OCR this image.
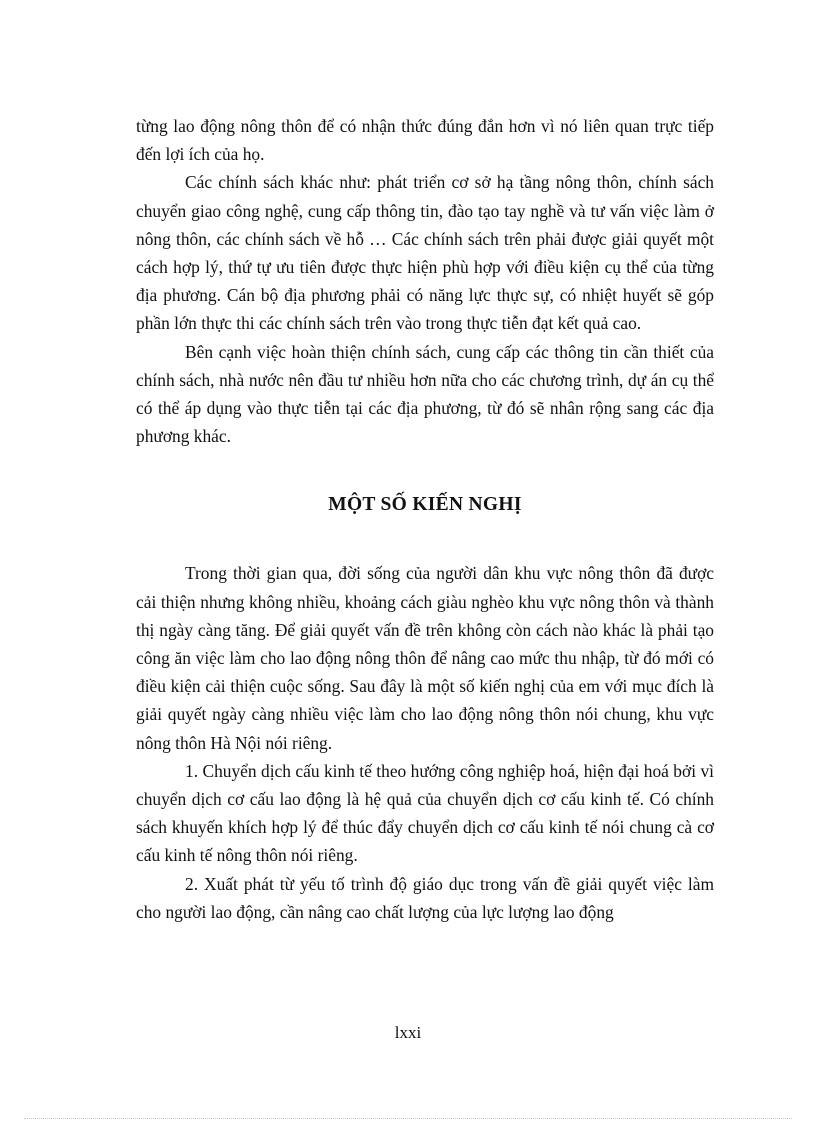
từng lao động nông thôn để có nhận thức đúng đắn hơn vì nó liên quan trực tiếp đến lợi ích của họ.

Các chính sách khác như: phát triển cơ sở hạ tầng nông thôn, chính sách chuyển giao công nghệ, cung cấp thông tin, đào tạo tay nghề và tư vấn việc làm ở nông thôn, các chính sách về hỗ … Các chính sách trên phải được giải quyết một cách hợp lý, thứ tự ưu tiên được thực hiện phù hợp với điều kiện cụ thể của từng địa phương. Cán bộ địa phương phải có năng lực thực sự, có nhiệt huyết sẽ góp phần lớn thực thi các chính sách trên vào trong thực tiễn đạt kết quả cao.

Bên cạnh việc hoàn thiện chính sách, cung cấp các thông tin cần thiết của chính sách, nhà nước nên đầu tư nhiều hơn nữa cho các chương trình, dự án cụ thể có thể áp dụng vào thực tiễn tại các địa phương, từ đó sẽ nhân rộng sang các địa phương khác.

MỘT SỐ KIẾN NGHỊ

Trong thời gian qua, đời sống của người dân khu vực nông thôn đã được cải thiện nhưng không nhiều, khoảng cách giàu nghèo khu vực nông thôn và thành thị ngày càng tăng. Để giải quyết vấn đề trên không còn cách nào khác là phải tạo công ăn việc làm cho lao động nông thôn để nâng cao mức thu nhập, từ đó mới có điều kiện cải thiện cuộc sống. Sau đây là một số kiến nghị của em với mục đích là giải quyết ngày càng nhiều việc làm cho lao động nông thôn nói chung, khu vực nông thôn Hà Nội nói riêng.

1. Chuyển dịch cấu kinh tế theo hướng công nghiệp hoá, hiện đại hoá bởi vì chuyển dịch cơ cấu lao động là hệ quả của chuyển dịch cơ cấu kinh tế. Có chính sách khuyến khích hợp lý để thúc đẩy chuyển dịch cơ cấu kinh tế nói chung cà cơ cấu kinh tế nông thôn nói riêng.

2. Xuất phát từ yếu tố trình độ giáo dục trong vấn đề giải quyết việc làm cho người lao động, cần nâng cao chất lượng của lực lượng lao động

lxxi
